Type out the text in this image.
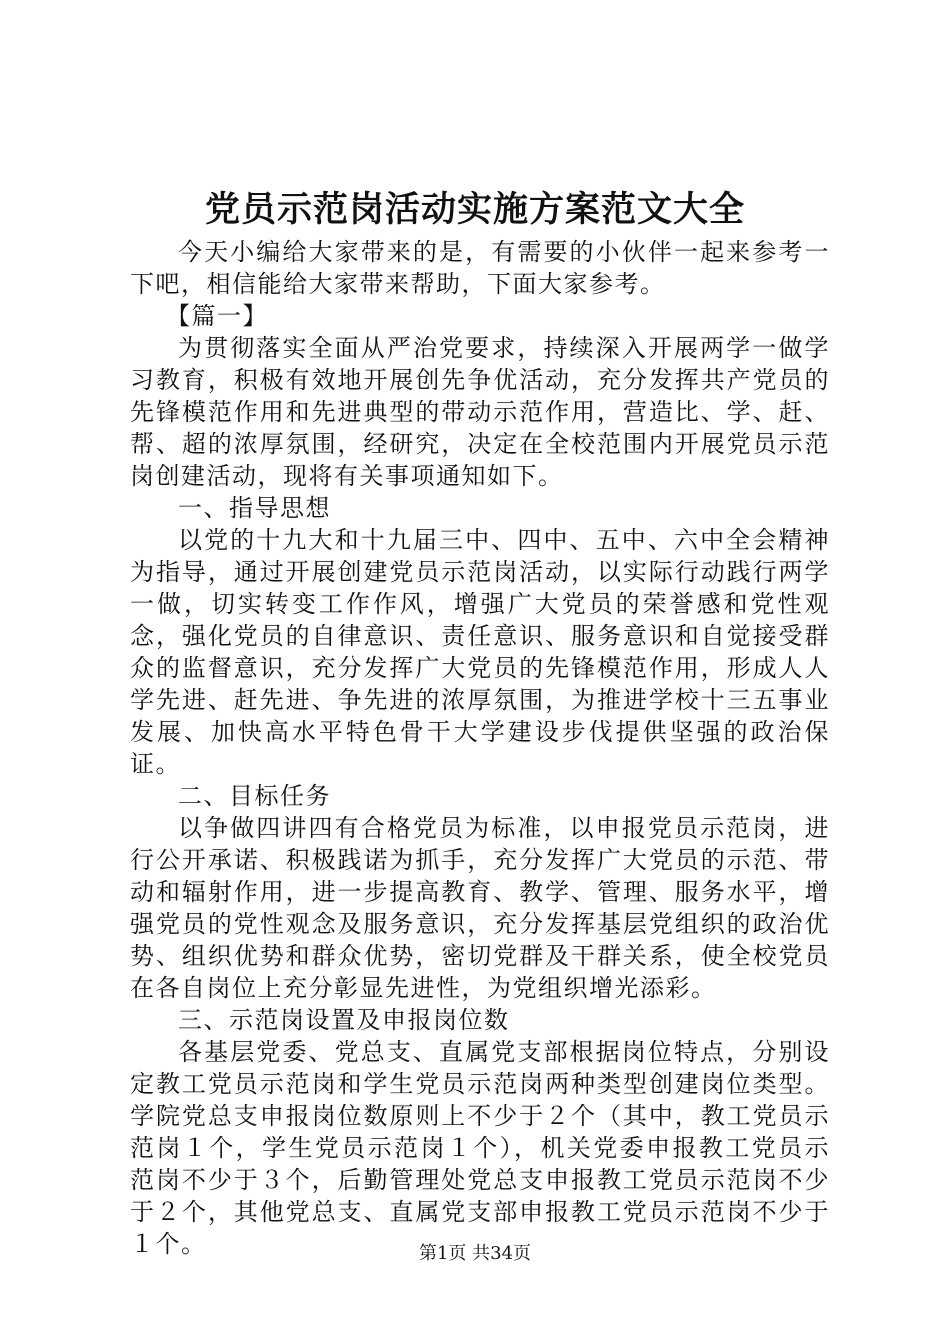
党员示范岗活动实施方案范文大全

今天小编给大家带来的是，有需要的小伙伴一起来参考一下吧，相信能给大家带来帮助，下面大家参考。

【篇一】

为贯彻落实全面从严治党要求，持续深入开展两学一做学习教育，积极有效地开展创先争优活动，充分发挥共产党员的先锋模范作用和先进典型的带动示范作用，营造比、学、赶、帮、超的浓厚氛围，经研究，决定在全校范围内开展党员示范岗创建活动，现将有关事项通知如下。

一、指导思想

以党的十九大和十九届三中、四中、五中、六中全会精神为指导，通过开展创建党员示范岗活动，以实际行动践行两学一做，切实转变工作作风，增强广大党员的荣誉感和党性观念，强化党员的自律意识、责任意识、服务意识和自觉接受群众的监督意识，充分发挥广大党员的先锋模范作用，形成人人学先进、赶先进、争先进的浓厚氛围，为推进学校十三五事业发展、加快高水平特色骨干大学建设步伐提供坚强的政治保证。

二、目标任务

以争做四讲四有合格党员为标准，以申报党员示范岗，进行公开承诺、积极践诺为抓手，充分发挥广大党员的示范、带动和辐射作用，进一步提高教育、教学、管理、服务水平，增强党员的党性观念及服务意识，充分发挥基层党组织的政治优势、组织优势和群众优势，密切党群及干群关系，使全校党员在各自岗位上充分彰显先进性，为党组织增光添彩。

三、示范岗设置及申报岗位数

各基层党委、党总支、直属党支部根据岗位特点，分别设定教工党员示范岗和学生党员示范岗两种类型创建岗位类型。学院党总支申报岗位数原则上不少于２个（其中，教工党员示范岗１个，学生党员示范岗１个），机关党委申报教工党员示范岗不少于３个，后勤管理处党总支申报教工党员示范岗不少于２个，其他党总支、直属党支部申报教工党员示范岗不少于１个。	第1页 共34页
